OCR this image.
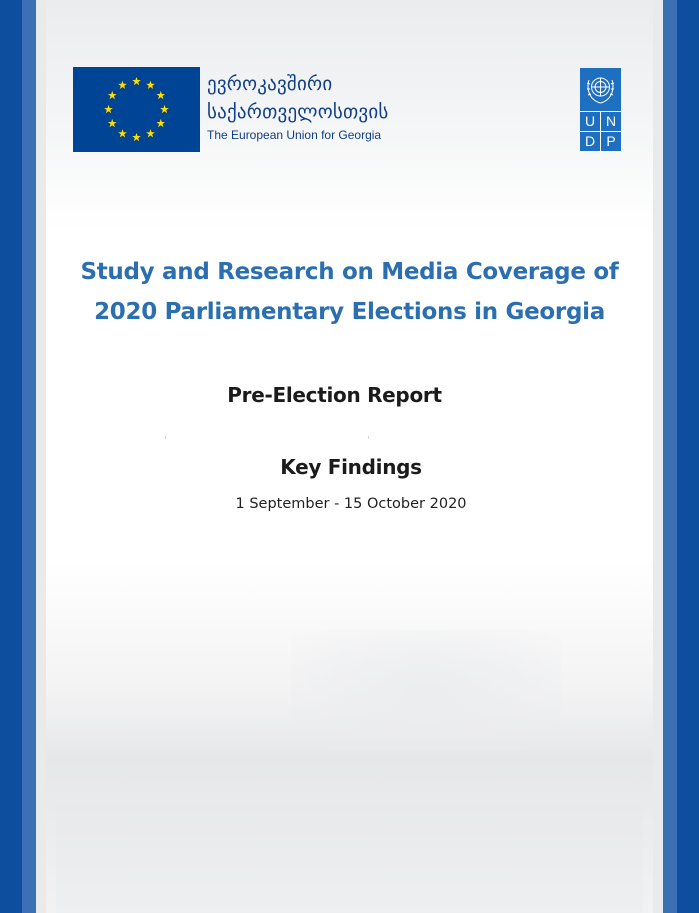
ევროკავშირი
საქართველოსთვის
The European Union for Georgia
U N
D P
Study and Research on Media Coverage of
2020 Parliamentary Elections in Georgia
Pre-Election Report
Key Findings
1 September - 15 October 2020
